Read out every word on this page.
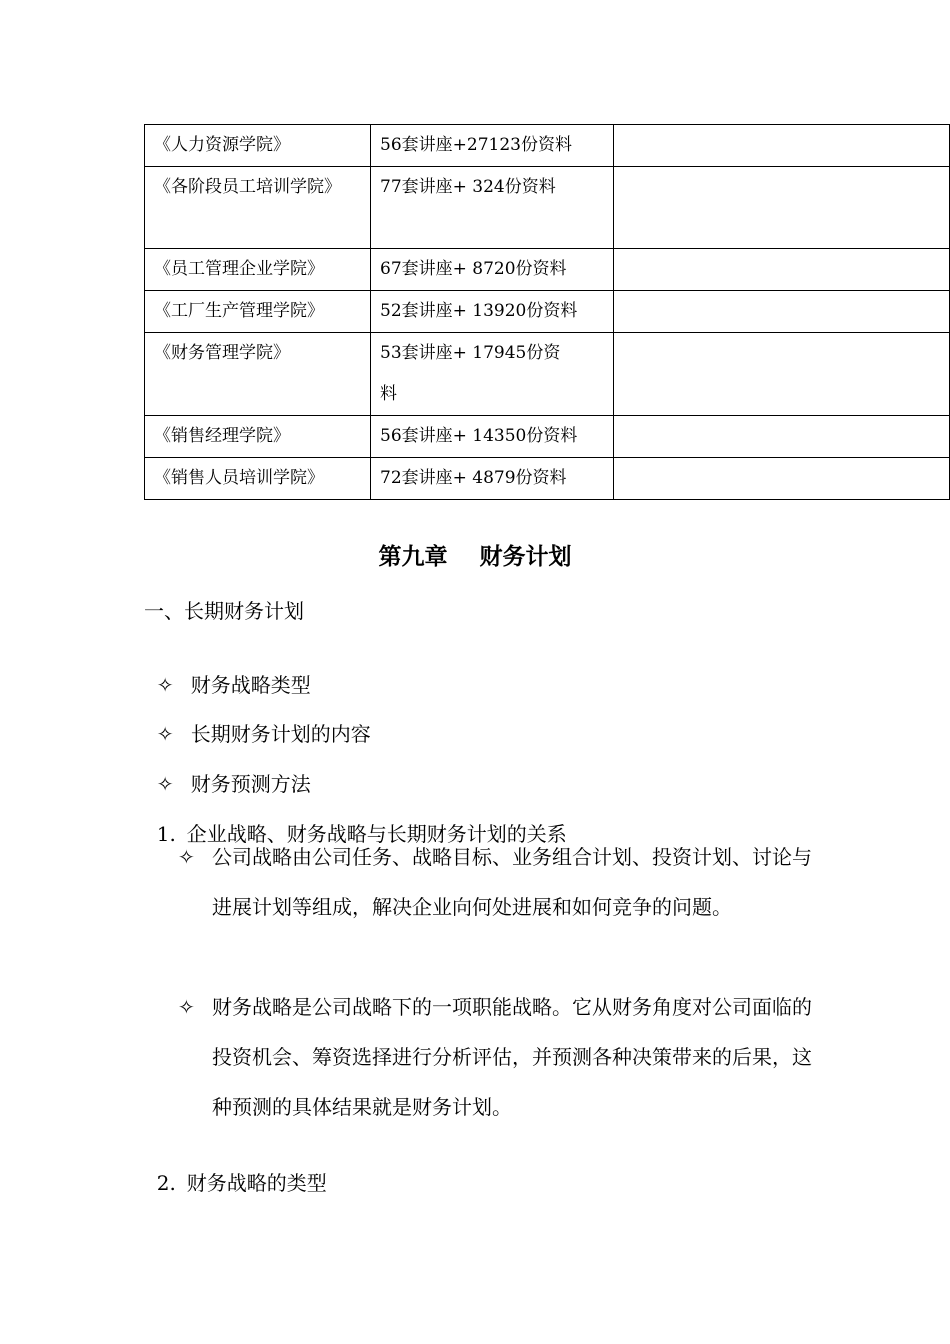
《人力资源学院》	56套讲座+27123份资料	

《各阶段员工培训学院》	77套讲座+ 324份资料	
《员工管理企业学院》	67套讲座+ 8720份资料	
《工厂生产管理学院》	52套讲座+ 13920份资料	
《财务管理学院》	53套讲座+ 17945份资料	

《销售经理学院》	56套讲座+ 14350份资料	
《销售人员培训学院》	72套讲座+ 4879份资料	
第九章    财务计划
一、长期财务计划

✧ 财务战略类型

✧ 长期财务计划的内容

✧ 财务预测方法

1. 企业战略、财务战略与长期财务计划的关系

✧ 公司战略由公司任务、战略目标、业务组合计划、投资计划、讨论与进展计划等组成，解决企业向何处进展和如何竞争的问题。
✧ 财务战略是公司战略下的一项职能战略。它从财务角度对公司面临的投资机会、筹资选择进行分析评估，并预测各种决策带来的后果，这种预测的具体结果就是财务计划。

2. 财务战略的类型
